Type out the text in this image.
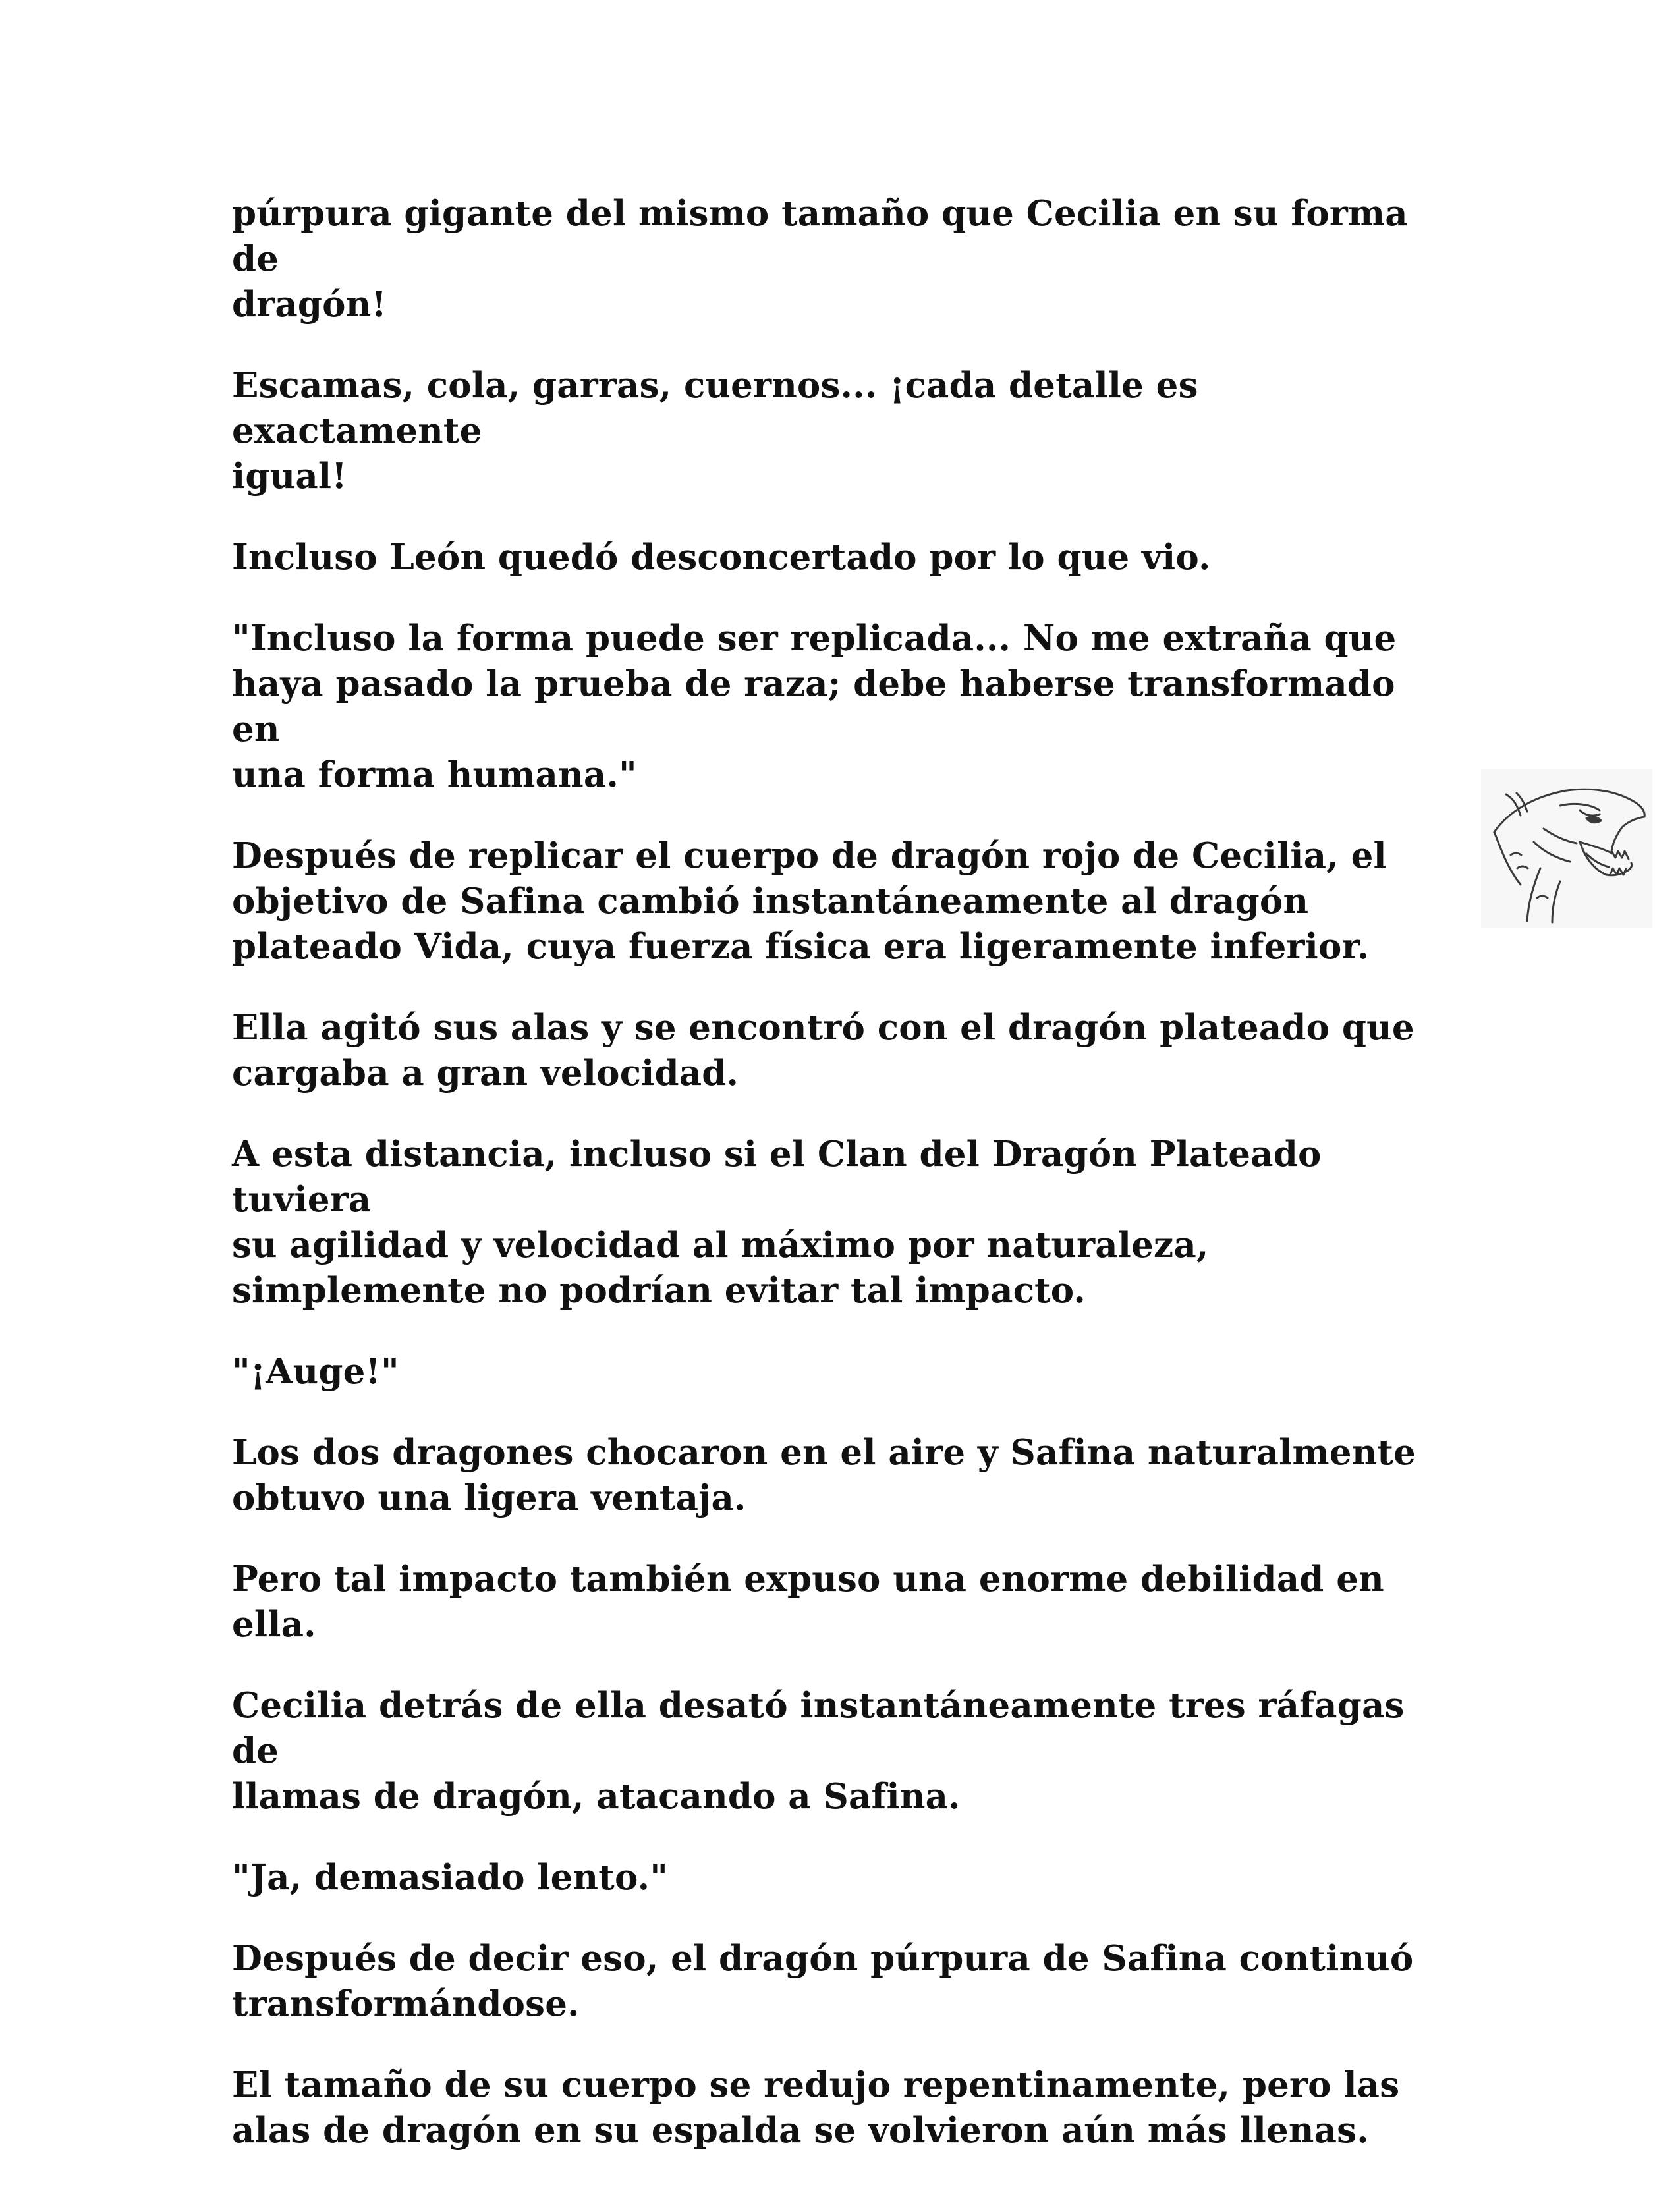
púrpura gigante del mismo tamaño que Cecilia en su forma de
dragón!

Escamas, cola, garras, cuernos... ¡cada detalle es exactamente
igual!

Incluso León quedó desconcertado por lo que vio.

"Incluso la forma puede ser replicada... No me extraña que
haya pasado la prueba de raza; debe haberse transformado en
una forma humana."

Después de replicar el cuerpo de dragón rojo de Cecilia, el
objetivo de Safina cambió instantáneamente al dragón
plateado Vida, cuya fuerza física era ligeramente inferior.

Ella agitó sus alas y se encontró con el dragón plateado que
cargaba a gran velocidad.

A esta distancia, incluso si el Clan del Dragón Plateado tuviera
su agilidad y velocidad al máximo por naturaleza,
simplemente no podrían evitar tal impacto.

"¡Auge!"

Los dos dragones chocaron en el aire y Safina naturalmente
obtuvo una ligera ventaja.

Pero tal impacto también expuso una enorme debilidad en
ella.

Cecilia detrás de ella desató instantáneamente tres ráfagas de
llamas de dragón, atacando a Safina.

"Ja, demasiado lento."

Después de decir eso, el dragón púrpura de Safina continuó
transformándose.

El tamaño de su cuerpo se redujo repentinamente, pero las
alas de dragón en su espalda se volvieron aún más llenas.
